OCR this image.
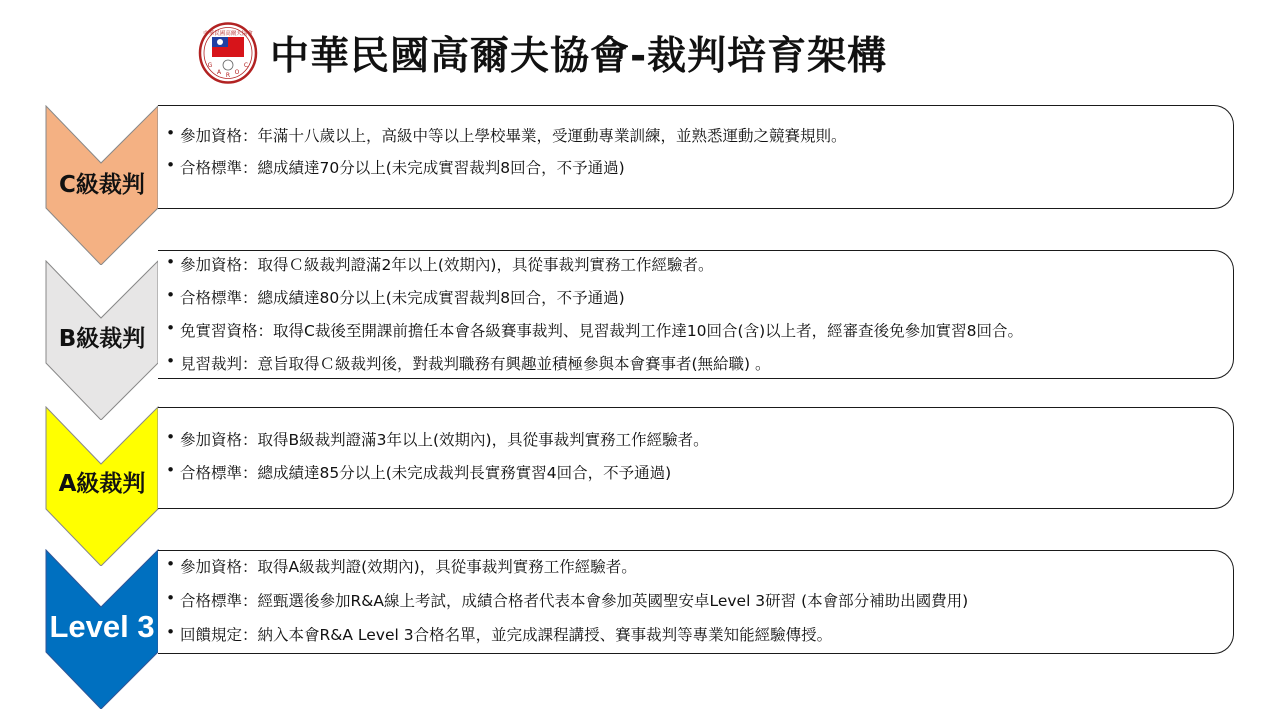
中華民國高爾夫協會
G
A R O
C 中華民國高爾夫協會-裁判培育架構
C級裁判
• 參加資格：年滿十八歲以上，高級中等以上學校畢業，受運動專業訓練，並熟悉運動之競賽規則。
• 合格標準：總成績達70分以上(未完成實習裁判8回合，不予通過)
B級裁判
• 參加資格：取得Ｃ級裁判證滿2年以上(效期內)，具從事裁判實務工作經驗者。
• 合格標準：總成績達80分以上(未完成實習裁判8回合，不予通過)
• 免實習資格：取得C裁後至開課前擔任本會各級賽事裁判、見習裁判工作達10回合(含)以上者，經審查後免參加實習8回合。
• 見習裁判：意旨取得Ｃ級裁判後，對裁判職務有興趣並積極參與本會賽事者(無給職) 。
A級裁判
• 參加資格：取得B級裁判證滿3年以上(效期內)，具從事裁判實務工作經驗者。
• 合格標準：總成績達85分以上(未完成裁判長實務實習4回合，不予通過)
Level 3
• 參加資格：取得A級裁判證(效期內)，具從事裁判實務工作經驗者。
• 合格標準：經甄選後參加R&A線上考試，成績合格者代表本會參加英國聖安卓Level 3研習 (本會部分補助出國費用)
• 回饋規定：納入本會R&A Level 3合格名單，並完成課程講授、賽事裁判等專業知能經驗傳授。
